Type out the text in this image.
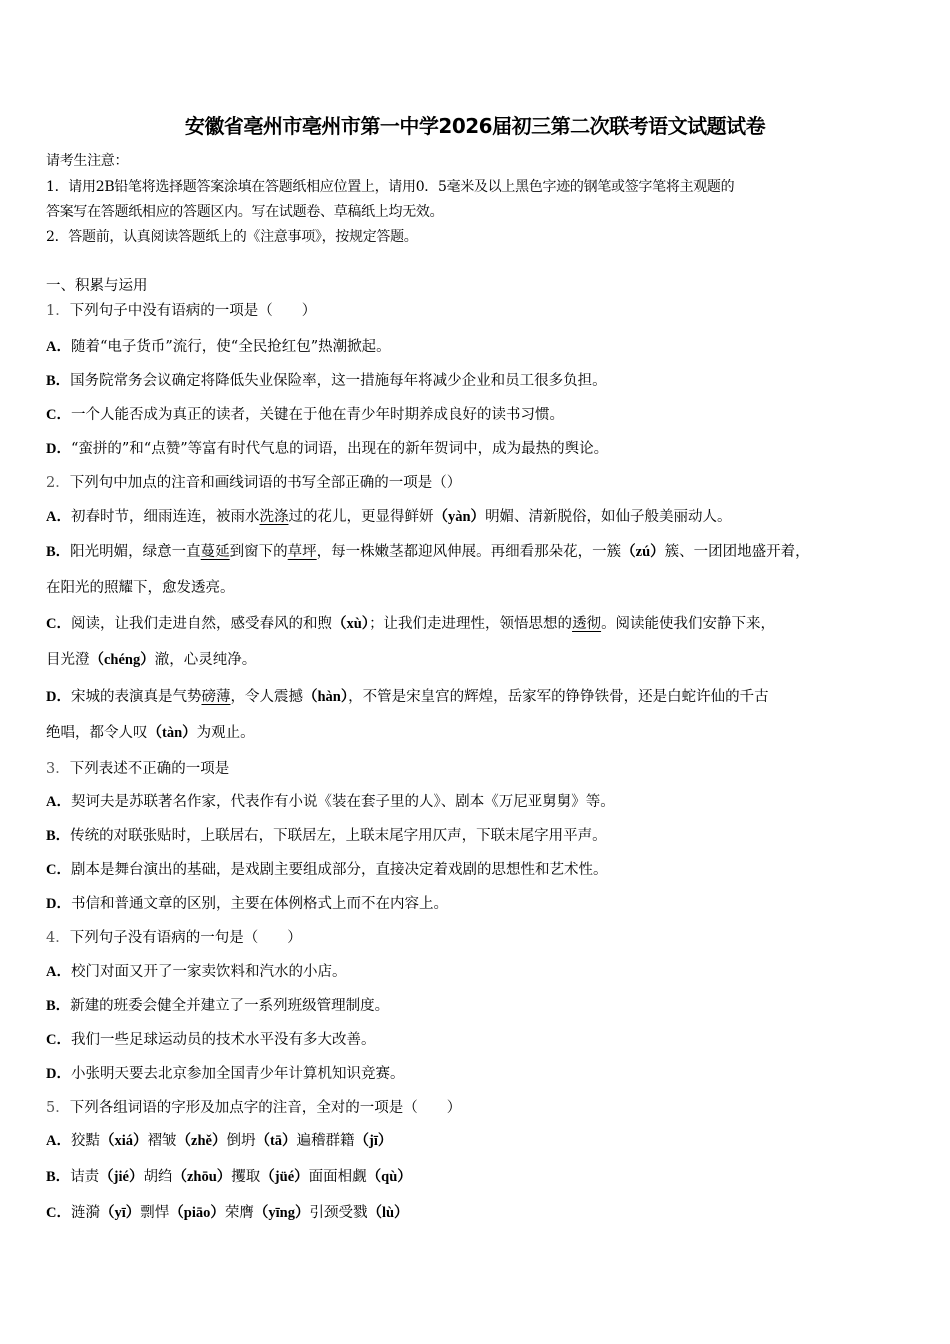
安徽省亳州市亳州市第一中学2026届初三第二次联考语文试题试卷
请考生注意：
1．请用2B铅笔将选择题答案涂填在答题纸相应位置上，请用0．5毫米及以上黑色字迹的钢笔或签字笔将主观题的
答案写在答题纸相应的答题区内。写在试题卷、草稿纸上均无效。
2．答题前，认真阅读答题纸上的《注意事项》，按规定答题。
一、积累与运用
1．下列句子中没有语病的一项是（　　）
A．随着“电子货币”流行，使“全民抢红包”热潮掀起。
B．国务院常务会议确定将降低失业保险率，这一措施每年将减少企业和员工很多负担。
C．一个人能否成为真正的读者，关键在于他在青少年时期养成良好的读书习惯。
D．“蛮拼的”和“点赞”等富有时代气息的词语，出现在的新年贺词中，成为最热的舆论。
2．下列句中加点的注音和画线词语的书写全部正确的一项是（）
A．初春时节，细雨连连，被雨水洗涤过的花儿，更显得鲜妍（yàn）明媚、清新脱俗，如仙子般美丽动人。
B．阳光明媚，绿意一直蔓延到窗下的草坪，每一株嫩茎都迎风伸展。再细看那朵花，一簇（zú）簇、一团团地盛开着，
在阳光的照耀下，愈发透亮。
C．阅读，让我们走进自然，感受春风的和煦（xù）；让我们走进理性，领悟思想的透彻。阅读能使我们安静下来，
目光澄（chéng）澈，心灵纯净。
D．宋城的表演真是气势磅薄，令人震撼（hàn），不管是宋皇宫的辉煌，岳家军的铮铮铁骨，还是白蛇许仙的千古
绝唱，都令人叹（tàn）为观止。
3．下列表述不正确的一项是
A．契诃夫是苏联著名作家，代表作有小说《装在套子里的人》、剧本《万尼亚舅舅》等。
B．传统的对联张贴时，上联居右，下联居左，上联末尾字用仄声，下联末尾字用平声。
C．剧本是舞台演出的基础，是戏剧主要组成部分，直接决定着戏剧的思想性和艺术性。
D．书信和普通文章的区别，主要在体例格式上而不在内容上。
4．下列句子没有语病的一句是（　　）
A．校门对面又开了一家卖饮料和汽水的小店。
B．新建的班委会健全并建立了一系列班级管理制度。
C．我们一些足球运动员的技术水平没有多大改善。
D．小张明天要去北京参加全国青少年计算机知识竞赛。
5．下列各组词语的字形及加点字的注音，全对的一项是（　　）
A．狡黠（xiá）褶皱（zhě）倒坍（tā）遍稽群籍（jī）
B．诘责（jié）胡绉（zhōu）攫取（jüé）面面相觑（qù）
C．涟漪（yī）剽悍（piāo）荣膺（yīng）引颈受戮（lù）
